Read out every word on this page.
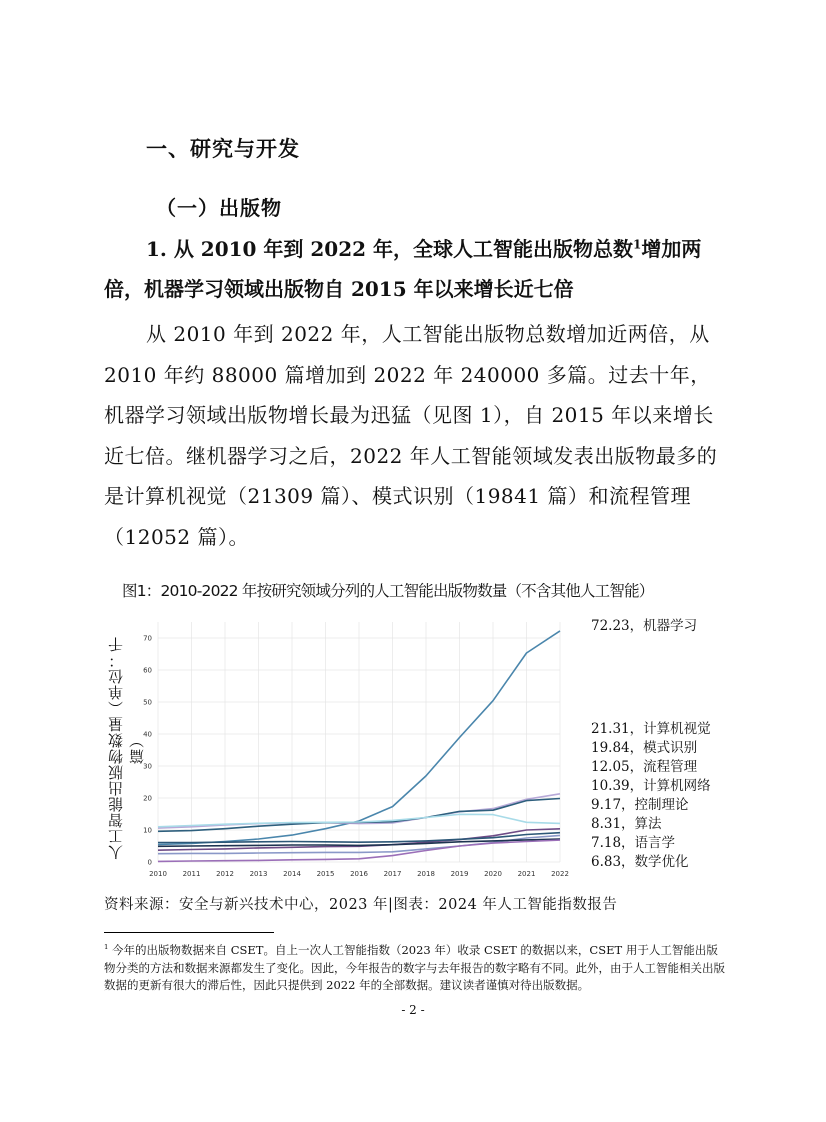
一、研究与开发
（一）出版物
1. 从 2010 年到 2022 年，全球人工智能出版物总数$^1$增加两倍，机器学习领域出版物自 2015 年以来增长近七倍

从 2010 年到 2022 年，人工智能出版物总数增加近两倍，从 2010 年约 88000 篇增加到 2022 年 240000 多篇。过去十年，机器学习领域出版物增长最为迅猛（见图 1），自 2015 年以来增长近七倍。继机器学习之后，2022 年人工智能领域发表出版物最多的是计算机视觉（21309 篇）、模式识别（19841 篇）和流程管理（12052 篇）。

图1：2010-2022 年按研究领域分列的人工智能出版物数量（不含其他人工智能）
人工智能出版物数量（单位：千篇）
2010 2011 2012 2013 2014 2015 2016 2017 2018 2019 2020 2021 2022
0
10
20
30
40
50
60
70
72.23，机器学习
21.31，计算机视觉
19.84，模式识别
12.05，流程管理
10.39，计算机网络
9.17，控制理论
8.31，算法
7.18，语言学
6.83，数学优化
资料来源：安全与新兴技术中心，2023 年|图表：2024 年人工智能指数报告
$^1$ 今年的出版物数据来自 CSET。自上一次人工智能指数（2023 年）收录 CSET 的数据以来，CSET 用于人工智能出版物分类的方法和数据来源都发生了变化。因此，今年报告的数字与去年报告的数字略有不同。此外，由于人工智能相关出版数据的更新有很大的滞后性，因此只提供到 2022 年的全部数据。建议读者谨慎对待出版数据。
- 2 -
